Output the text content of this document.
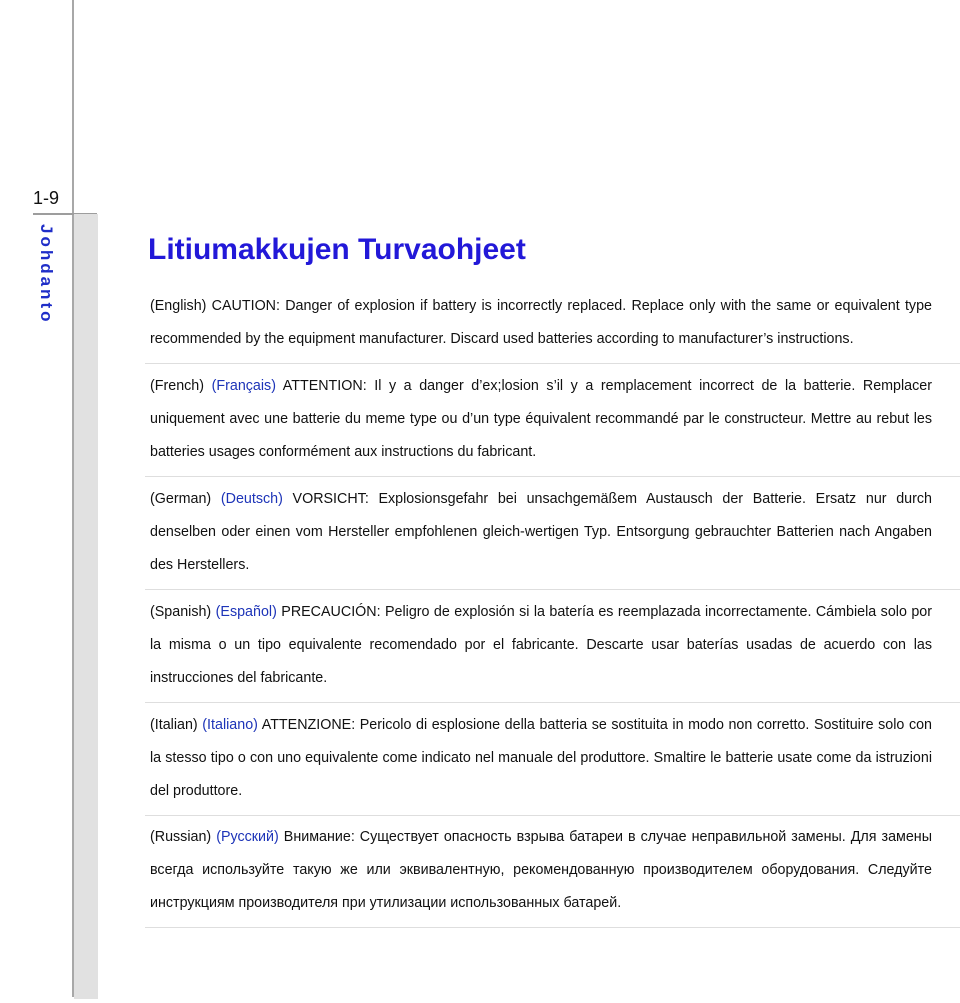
1-9
Johdanto	Litiumakkujen Turvaohjeet
(English) CAUTION: Danger of explosion if battery is incorrectly replaced. Replace only with the same or equivalent type recommended by the equipment manufacturer. Discard used batteries according to manufacturer’s instructions.
(French) (Français) ATTENTION: Il y a danger d’ex;losion s’il y a remplacement incorrect de la batterie. Remplacer uniquement avec une batterie du meme type ou d’un type équivalent recommandé par le constructeur. Mettre au rebut les batteries usages conformément aux instructions du fabricant.
(German) (Deutsch) VORSICHT: Explosionsgefahr bei unsachgemäßem Austausch der Batterie. Ersatz nur durch denselben oder einen vom Hersteller empfohlenen gleich-wertigen Typ. Entsorgung gebrauchter Batterien nach Angaben des Herstellers.
(Spanish) (Español) PRECAUCIÓN: Peligro de explosión si la batería es reemplazada incorrectamente. Cámbiela solo por la misma o un tipo equivalente recomendado por el fabricante. Descarte usar baterías usadas de acuerdo con las instrucciones del fabricante.
(Italian) (Italiano) ATTENZIONE: Pericolo di esplosione della batteria se sostituita in modo non corretto. Sostituire solo con la stesso tipo o con uno equivalente come indicato nel manuale del produttore. Smaltire le batterie usate come da istruzioni del produttore.
(Russian) (Русский) Внимание: Существует опасность взрыва батареи в случае неправильной замены. Для замены всегда используйте такую же или эквивалентную, рекомендованную производителем оборудования. Следуйте инструкциям производителя при утилизации использованных батарей.
